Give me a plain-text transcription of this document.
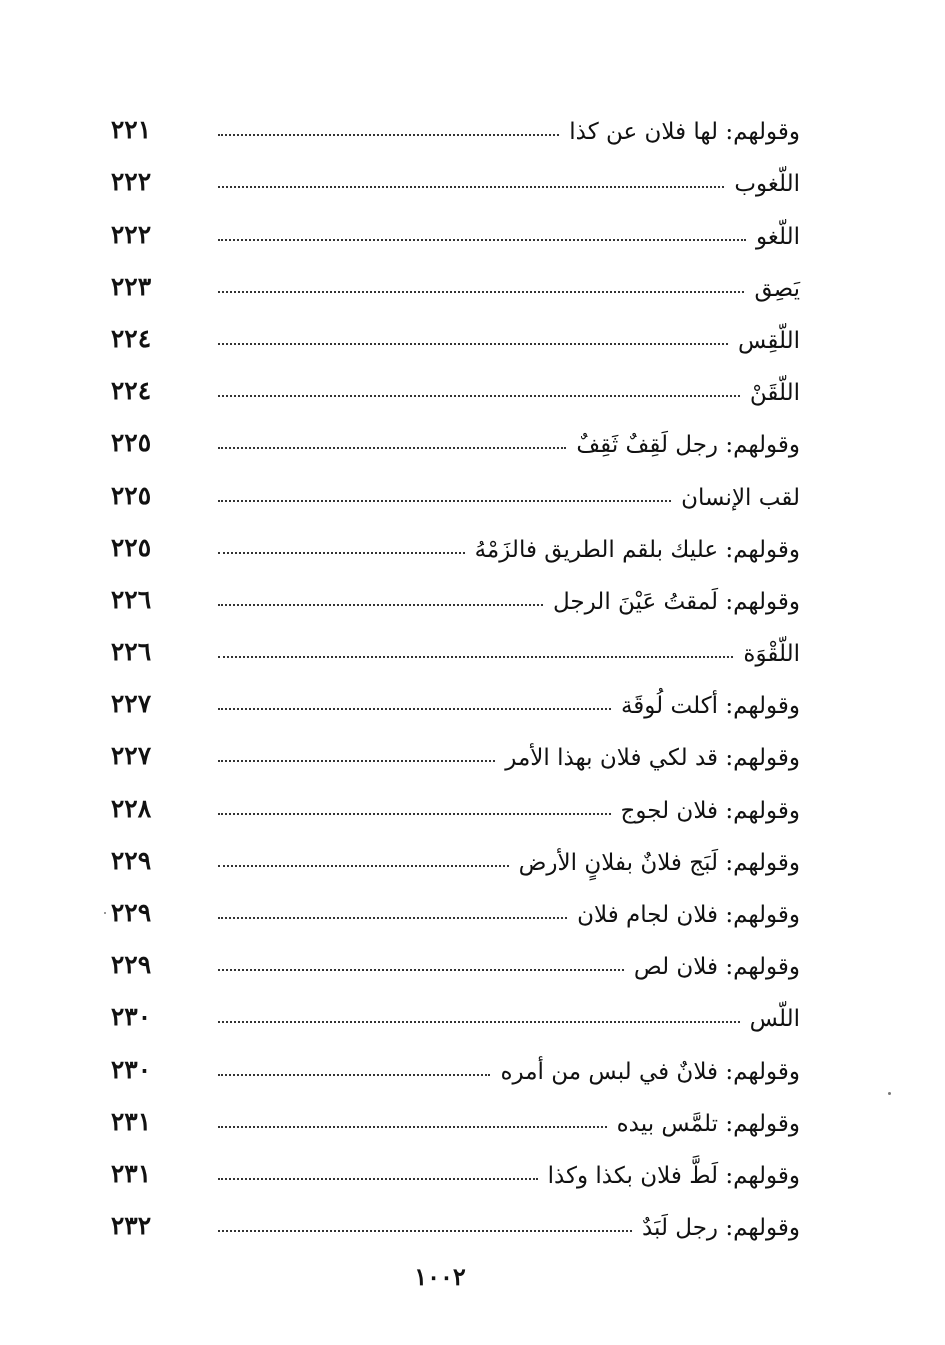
٢٢١	وقولهم: لها فلان عن كذا
٢٢٢	اللّغوب
٢٢٢	اللّغو
٢٢٣	يَصِق
٢٢٤	اللّقِس
٢٢٤	اللّقَنْ
٢٢٥	وقولهم: رجل لَقِفٌ ثَقِفٌ
٢٢٥	لقب الإنسان
٢٢٥	وقولهم: عليك بلقم الطريق فالزَمْهُ
٢٢٦	وقولهم: لَمقتُ عَيْنَ الرجل
٢٢٦	اللّقْوَة
٢٢٧	وقولهم: أكلت لُوقَة
٢٢٧	وقولهم: قد لكي فلان بهذا الأمر
٢٢٨	وقولهم: فلان لجوج
٢٢٩	وقولهم: لَبَج فلانٌ بفلانٍ الأرض
٢٢٩	وقولهم: فلان لجام فلان
٢٢٩	وقولهم: فلان لص
٢٣٠	اللّس
٢٣٠	وقولهم: فلانٌ في لبس من أمره
٢٣١	وقولهم: تلمَّس بيده
٢٣١	وقولهم: لَطَّ فلان بكذا وكذا
٢٣٢	وقولهم: رجل لَبَدٌ
١٠٠٢
